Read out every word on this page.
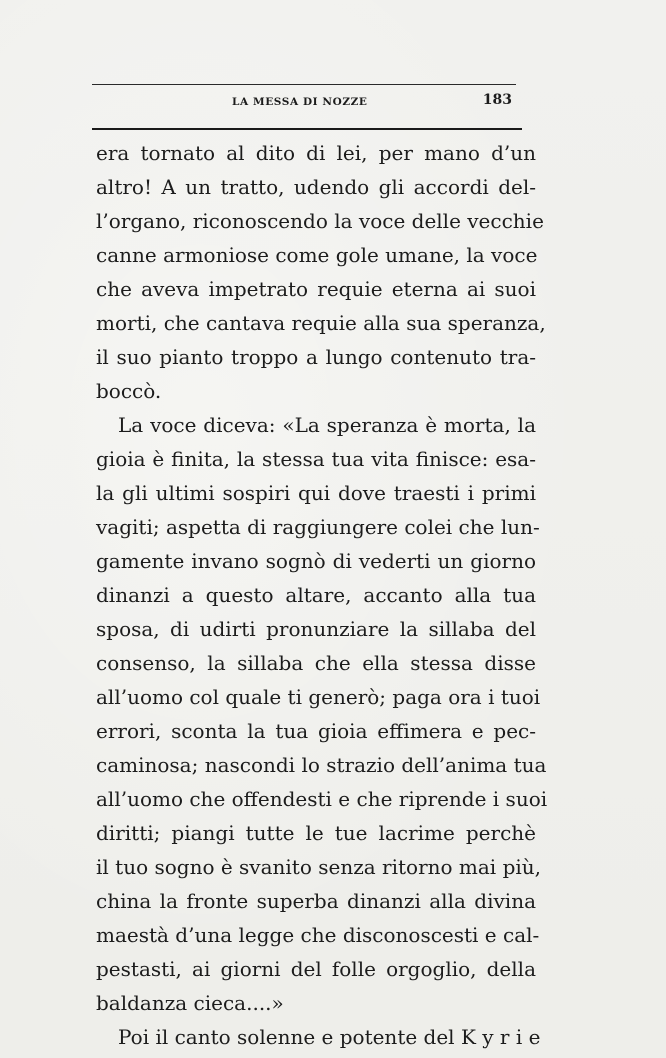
LA MESSA DI NOZZE	183
era tornato al dito di lei, per mano d’un
altro! A un tratto, udendo gli accordi del-
l’organo, riconoscendo la voce delle vecchie
canne armoniose come gole umane, la voce
che aveva impetrato requie eterna ai suoi
morti, che cantava requie alla sua speranza,
il suo pianto troppo a lungo contenuto tra-
boccò.
La voce diceva: «La speranza è morta, la
gioia è finita, la stessa tua vita finisce: esa-
la gli ultimi sospiri qui dove traesti i primi
vagiti; aspetta di raggiungere colei che lun-
gamente invano sognò di vederti un giorno
dinanzi a questo altare, accanto alla tua
sposa, di udirti pronunziare la sillaba del
consenso, la sillaba che ella stessa disse
all’uomo col quale ti generò; paga ora i tuoi
errori, sconta la tua gioia effimera e pec-
caminosa; nascondi lo strazio dell’anima tua
all’uomo che offendesti e che riprende i suoi
diritti; piangi tutte le tue lacrime perchè
il tuo sogno è svanito senza ritorno mai più,
china la fronte superba dinanzi alla divina
maestà d’una legge che disconoscesti e cal-
pestasti, ai giorni del folle orgoglio, della
baldanza cieca....»
Poi il canto solenne e potente del K y r i e
